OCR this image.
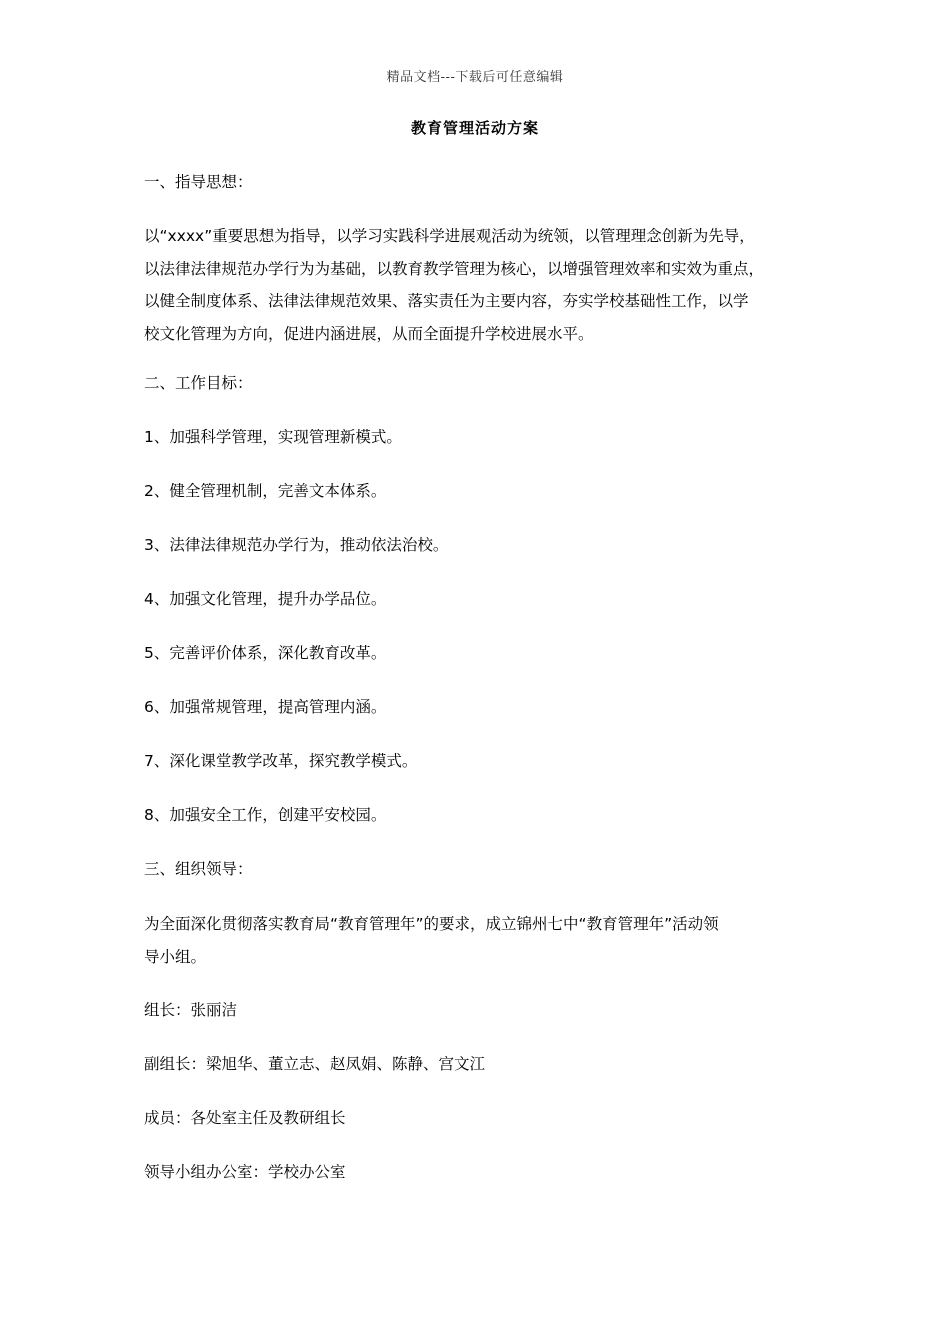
精品文档---下载后可任意编辑
教育管理活动方案
一、指导思想：
以“xxxx”重要思想为指导，以学习实践科学进展观活动为统领，以管理理念创新为先导，
以法律法律规范办学行为为基础，以教育教学管理为核心，以增强管理效率和实效为重点，
以健全制度体系、法律法律规范效果、落实责任为主要内容，夯实学校基础性工作，以学
校文化管理为方向，促进内涵进展，从而全面提升学校进展水平。
二、工作目标：
1、加强科学管理，实现管理新模式。
2、健全管理机制，完善文本体系。
3、法律法律规范办学行为，推动依法治校。
4、加强文化管理，提升办学品位。
5、完善评价体系，深化教育改革。
6、加强常规管理，提高管理内涵。
7、深化课堂教学改革，探究教学模式。
8、加强安全工作，创建平安校园。
三、组织领导：
为全面深化贯彻落实教育局“教育管理年”的要求，成立锦州七中“教育管理年”活动领
导小组。
组长：张丽洁
副组长：梁旭华、董立志、赵凤娟、陈静、宫文江
成员：各处室主任及教研组长
领导小组办公室：学校办公室
